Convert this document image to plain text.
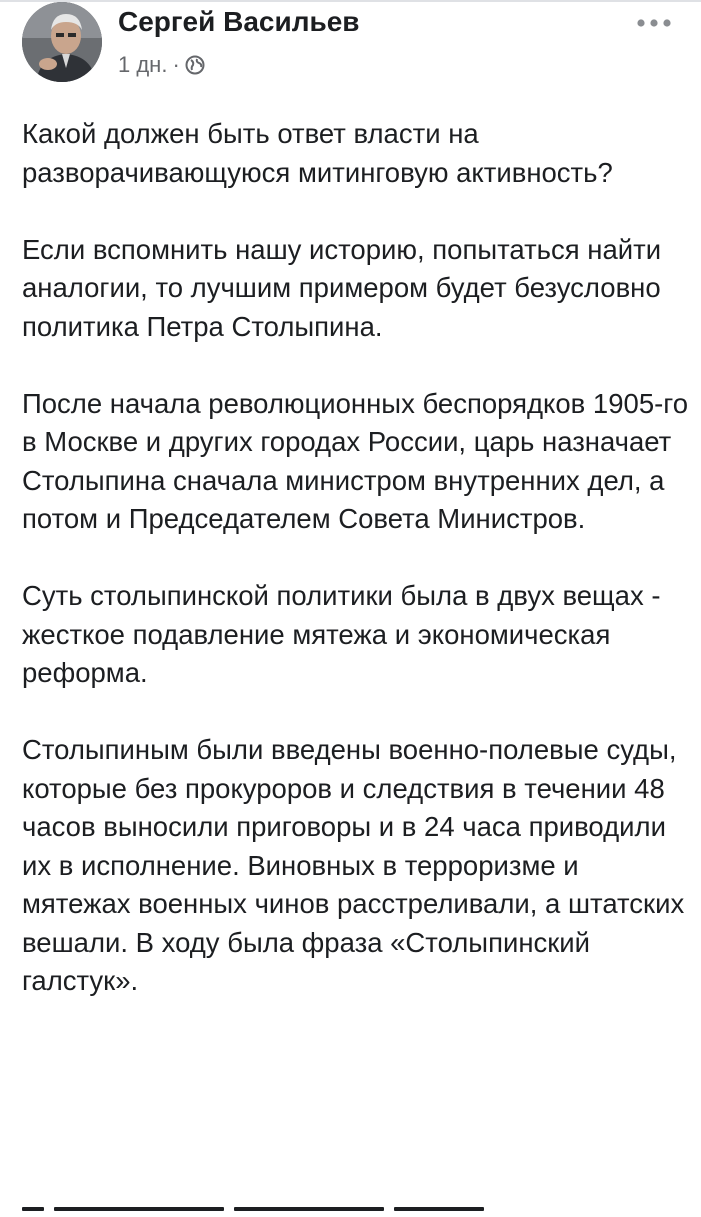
Сергей Васильев
1 дн. ·

Какой должен быть ответ власти на разворачивающуюся митинговую активность?

Если вспомнить нашу историю, попытаться найти аналогии, то лучшим примером будет безусловно политика Петра Столыпина.

После начала революционных беспорядков 1905-го в Москве и других городах России, царь назначает Столыпина сначала министром внутренних дел, а потом и Председателем Совета Министров.

Суть столыпинской политики была в двух вещах - жесткое подавление мятежа и экономическая реформа.

Столыпиным были введены военно-полевые суды, которые без прокуроров и следствия в течении 48 часов выносили приговоры и в 24 часа приводили их в исполнение. Виновных в терроризме и мятежах военных чинов расстреливали, а штатских вешали. В ходу была фраза «Столыпинский галстук».
